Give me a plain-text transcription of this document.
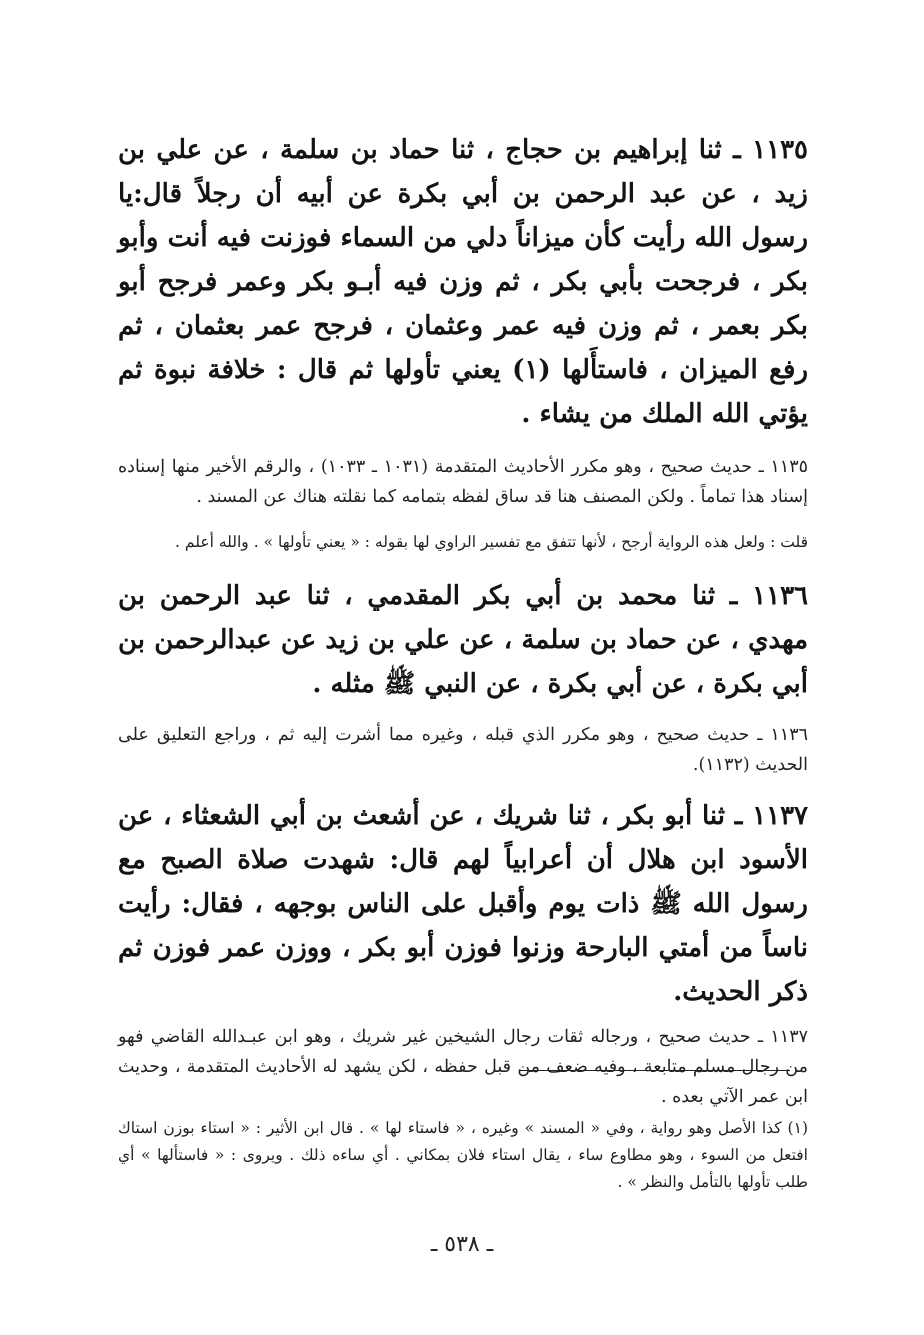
١١٣٥ ـ ثنا إبراهيم بن حجاج ، ثنا حماد بن سلمة ، عن علي بن زيد ، عن عبد الرحمن بن أبي بكرة عن أبيه أن رجلاً قال:يا رسول الله رأيت كأن ميزاناً دلي من السماء فوزنت فيه أنت وأبو بكر ، فرجحت بأبي بكر ، ثم وزن فيه أبـو بكر وعمر فرجح أبو بكر بعمر ، ثم وزن فيه عمر وعثمان ، فرجح عمر بعثمان ، ثم رفع الميزان ، فاستأَلها (١) يعني تأولها ثم قال : خلافة نبوة ثم يؤتي الله الملك من يشاء .

١١٣٥ ـ حديث صحيح ، وهو مكرر الأحاديث المتقدمة (١٠٣١ ـ ١٠٣٣) ، والرقم الأخير منها إسناده إسناد هذا تماماً . ولكن المصنف هنا قد ساق لفظه بتمامه كما نقلته هناك عن المسند .

قلت : ولعل هذه الرواية أرجح ، لأنها تتفق مع تفسير الراوي لها بقوله : « يعني تأولها » . والله أعلم .

١١٣٦ ـ ثنا محمد بن أبي بكر المقدمي ، ثنا عبد الرحمن بن مهدي ، عن حماد بن سلمة ، عن علي بن زيد عن عبدالرحمن بن أبي بكرة ، عن أبي بكرة ، عن النبي ﷺ مثله .

١١٣٦ ـ حديث صحيح ، وهو مكرر الذي قبله ، وغيره مما أشرت إليه ثم ، وراجع التعليق على الحديث (١١٣٢).

١١٣٧ ـ ثنا أبو بكر ، ثنا شريك ، عن أشعث بن أبي الشعثاء ، عن الأسود ابن هلال أن أعرابياً لهم قال: شهدت صلاة الصبح مع رسول الله ﷺ ذات يوم وأقبل على الناس بوجهه ، فقال: رأيت ناساً من أمتي البارحة وزنوا فوزن أبو بكر ، ووزن عمر فوزن ثم ذكر الحديث.

١١٣٧ ـ حديث صحيح ، ورجاله ثقات رجال الشيخين غير شريك ، وهو ابن عبـدالله القاضي فهو من رجال مسلم متابعة ، وفيه ضعف من قبل حفظه ، لكن يشهد له الأحاديث المتقدمة ، وحديث ابن عمر الآتي بعده .

(١) كذا الأصل وهو رواية ، وفي « المسند » وغيره ، « فاستاء لها » . قال ابن الأثير : « استاء بوزن استاك افتعل من السوء ، وهو مطاوع ساء ، يقال استاء فلان بمكاني . أي ساءه ذلك . ويروى : « فاستألها » أي طلب تأولها بالتأمل والنظر » .

ـ ٥٣٨ ـ
